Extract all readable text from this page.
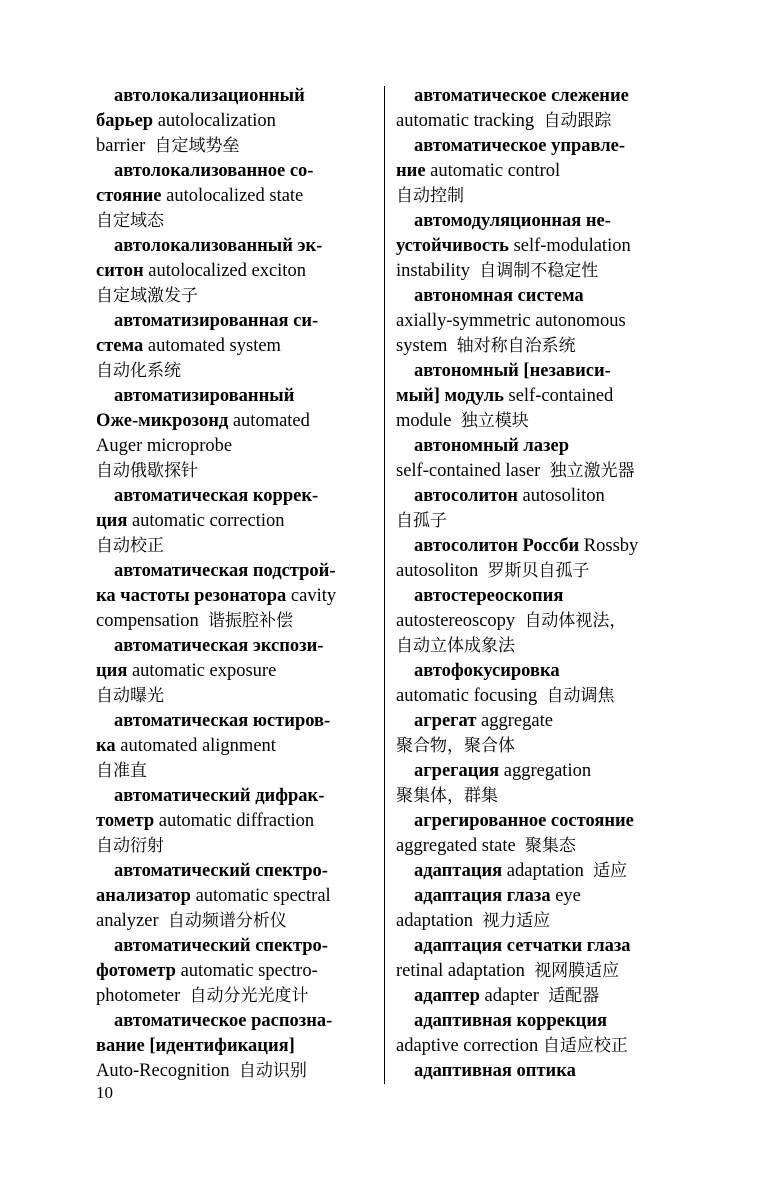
автолокализационный
барьер autolocalization
barrier  自定域势垒
автолокализованное со-
стояние autolocalized state
自定域态
автолокализованный эк-
ситон autolocalized exciton
自定域激发子
автоматизированная си-
стема automated system
自动化系统
автоматизированный
Оже-микрозонд automated
Auger microprobe
自动俄歇探针
автоматическая коррек-
ция automatic correction
自动校正
автоматическая подстрой-
ка частоты резонатора cavity
compensation  谐振腔补偿
автоматическая экспози-
ция automatic exposure
自动曝光
автоматическая юстиров-
ка automated alignment
自准直
автоматический дифрак-
тометр automatic diffraction
自动衍射
автоматический спектро-
анализатор automatic spectral
analyzer  自动频谱分析仪
автоматический спектро-
фотометр automatic spectro-
photometer  自动分光光度计
автоматическое распозна-
вание [идентификация]
Auto-Recognition  自动识别
автоматическое слежение
automatic tracking  自动跟踪
автоматическое управле-
ние automatic control
自动控制
автомодуляционная не-
устойчивость self-modulation
instability  自调制不稳定性
автономная система
axially-symmetric autonomous
system  轴对称自治系统
автономный [независи-
мый] модуль self-contained
module  独立模块
автономный лазер
self-contained laser  独立激光器
автосолитон autosoliton
自孤子
автосолитон Россби Rossby
autosoliton  罗斯贝自孤子
автостереоскопия
autostereoscopy  自动体视法，
自动立体成象法
автофокусировка
automatic focusing  自动调焦
агрегат aggregate
聚合物，聚合体
агрегация aggregation
聚集体，群集
агрегированное состояние
aggregated state  聚集态
адаптация adaptation  适应
адаптация глаза eye
adaptation  视力适应
адаптация сетчатки глаза
retinal adaptation  视网膜适应
адаптер adapter  适配器
адаптивная коррекция
adaptive correction 自适应校正
адаптивная оптика
10
